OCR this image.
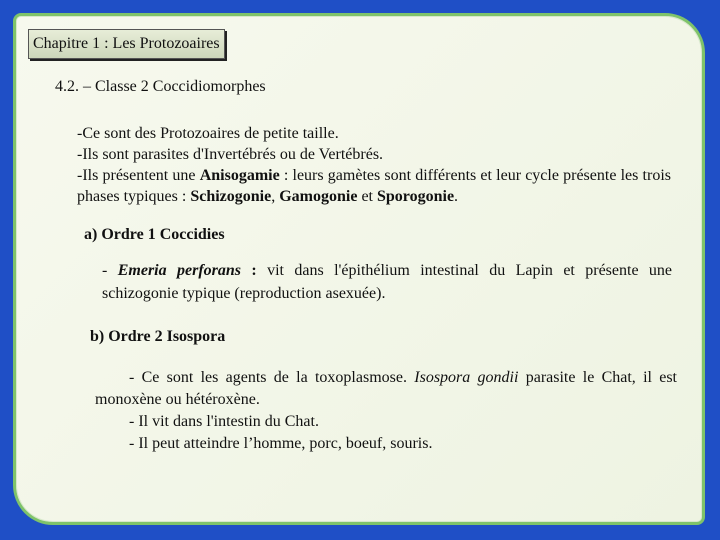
Chapitre 1 : Les Protozoaires
4.2. – Classe 2 Coccidiomorphes

-Ce sont des Protozoaires de petite taille.

-Ils sont parasites d'Invertébrés ou de Vertébrés.

-Ils présentent une Anisogamie : leurs gamètes sont différents et leur cycle présente les trois phases typiques : Schizogonie, Gamogonie et Sporogonie.

a) Ordre 1 Coccidies
- Emeria perforans : vit dans l'épithélium intestinal du Lapin et présente une schizogonie typique (reproduction asexuée).
b) Ordre 2 Isospora

- Ce sont les agents de la toxoplasmose. Isospora gondii parasite le Chat, il est monoxène ou hétéroxène.

- Il vit dans l'intestin du Chat.

- Il peut atteindre l’homme, porc, boeuf, souris.
